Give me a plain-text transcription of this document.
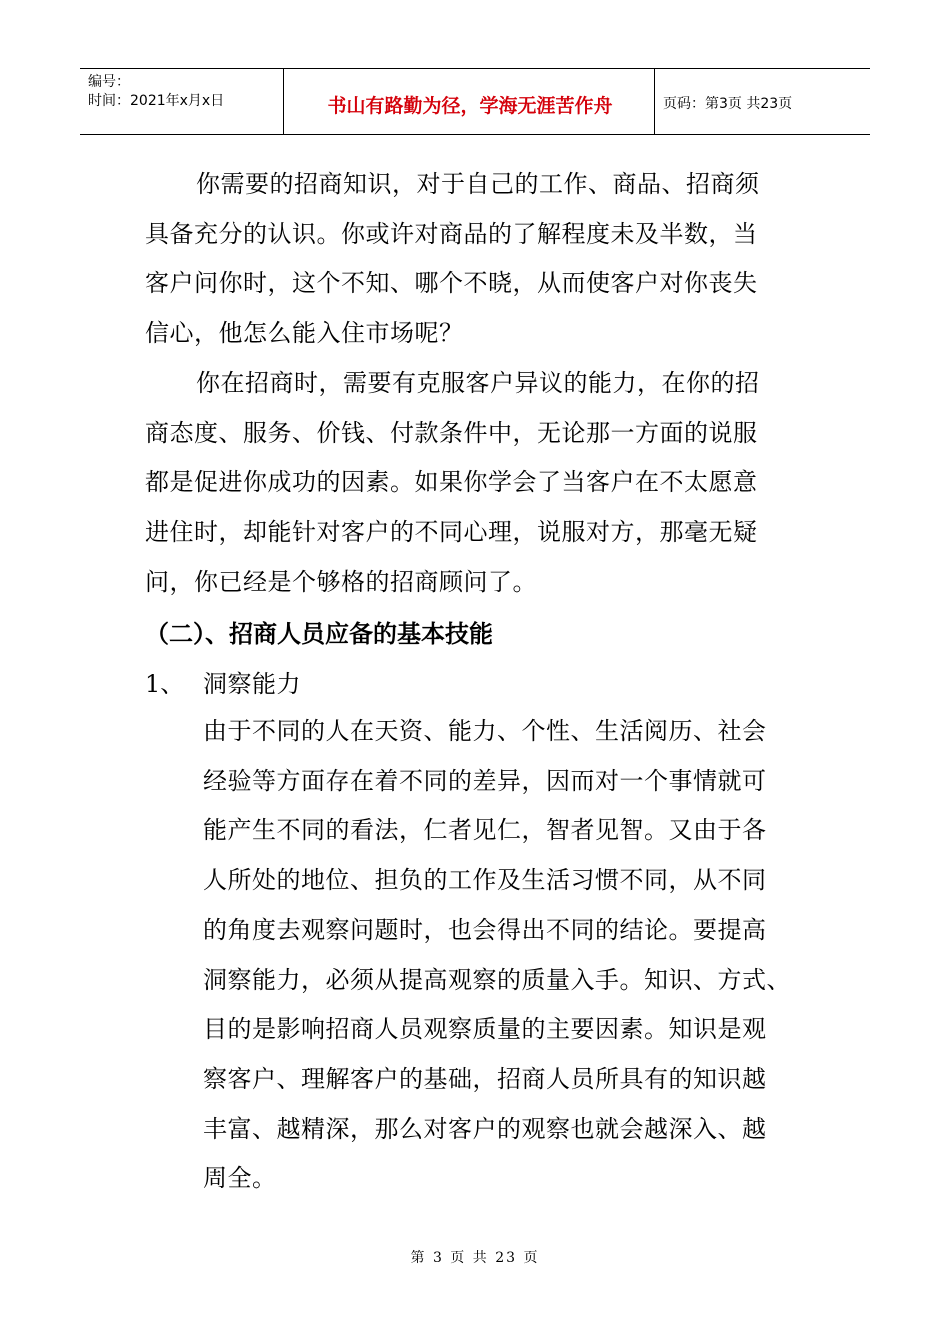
编号：
时间：2021年x月x日	书山有路勤为径，学海无涯苦作舟	页码：第3页 共23页
你需要的招商知识，对于自己的工作、商品、招商须
具备充分的认识。你或许对商品的了解程度未及半数，当
客户问你时，这个不知、哪个不晓，从而使客户对你丧失
信心，他怎么能入住市场呢？
你在招商时，需要有克服客户异议的能力，在你的招
商态度、服务、价钱、付款条件中，无论那一方面的说服
都是促进你成功的因素。如果你学会了当客户在不太愿意
进住时，却能针对客户的不同心理，说服对方，那毫无疑
问，你已经是个够格的招商顾问了。
（二）、招商人员应备的基本技能
1、 洞察能力
由于不同的人在天资、能力、个性、生活阅历、社会
经验等方面存在着不同的差异，因而对一个事情就可
能产生不同的看法，仁者见仁，智者见智。又由于各
人所处的地位、担负的工作及生活习惯不同，从不同
的角度去观察问题时，也会得出不同的结论。要提高
洞察能力，必须从提高观察的质量入手。知识、方式、
目的是影响招商人员观察质量的主要因素。知识是观
察客户、理解客户的基础，招商人员所具有的知识越
丰富、越精深，那么对客户的观察也就会越深入、越
周全。
第 3 页 共 23 页
